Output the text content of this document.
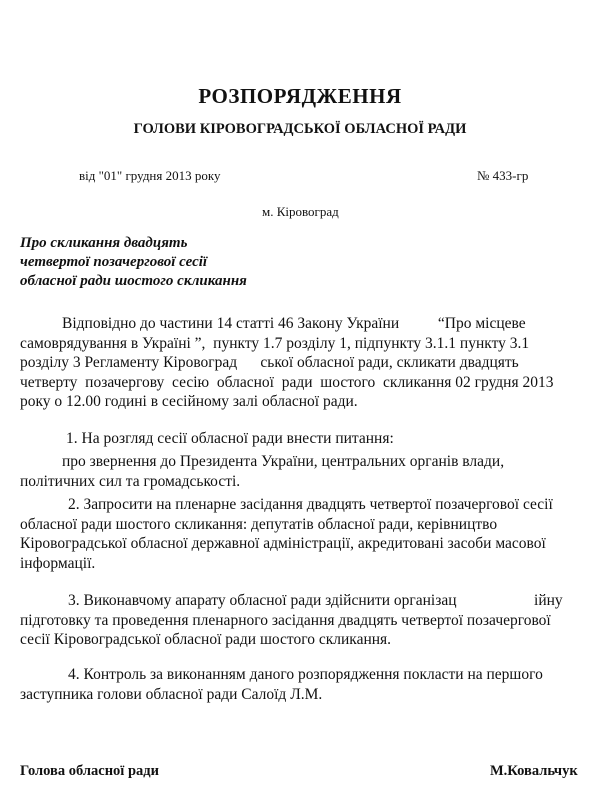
РОЗПОРЯДЖЕННЯ
ГОЛОВИ КІРОВОГРАДСЬКОЇ ОБЛАСНОЇ РАДИ
від "01" грудня 2013 року	№ 433-гр
м. Кіровоград
Про скликання двадцять
четвертої позачергової сесії
обласної ради шостого скликання
Відповідно до частини 14 статті 46 Закону України          “Про місцеве
самоврядування в Україні ”,  пункту 1.7 розділу 1, підпункту 3.1.1 пункту 3.1
розділу 3 Регламенту Кіровоград      ської обласної ради, скликати двадцять
четверту  позачергову  сесію  обласної  ради  шостого  скликання 02 грудня 2013
року о 12.00 годині в сесійному залі обласної ради.
1. На розгляд сесії обласної ради внести питання:
про звернення до Президента України, центральних органів влади,
політичних сил та громадськості.
2. Запросити на пленарне засідання двадцять четвертої позачергової сесії
обласної ради шостого скликання: депутатів обласної ради, керівництво
Кіровоградської обласної державної адміністрації, акредитовані засоби масової
інформації.
3. Виконавчому апарату обласної ради здійснити організац                    ійну
підготовку та проведення пленарного засідання двадцять четвертої позачергової
сесії Кіровоградської обласної ради шостого скликання.
4. Контроль за виконанням даного розпорядження покласти на першого
заступника голови обласної ради Салоїд Л.М.
Голова обласної ради	М.Ковальчук
